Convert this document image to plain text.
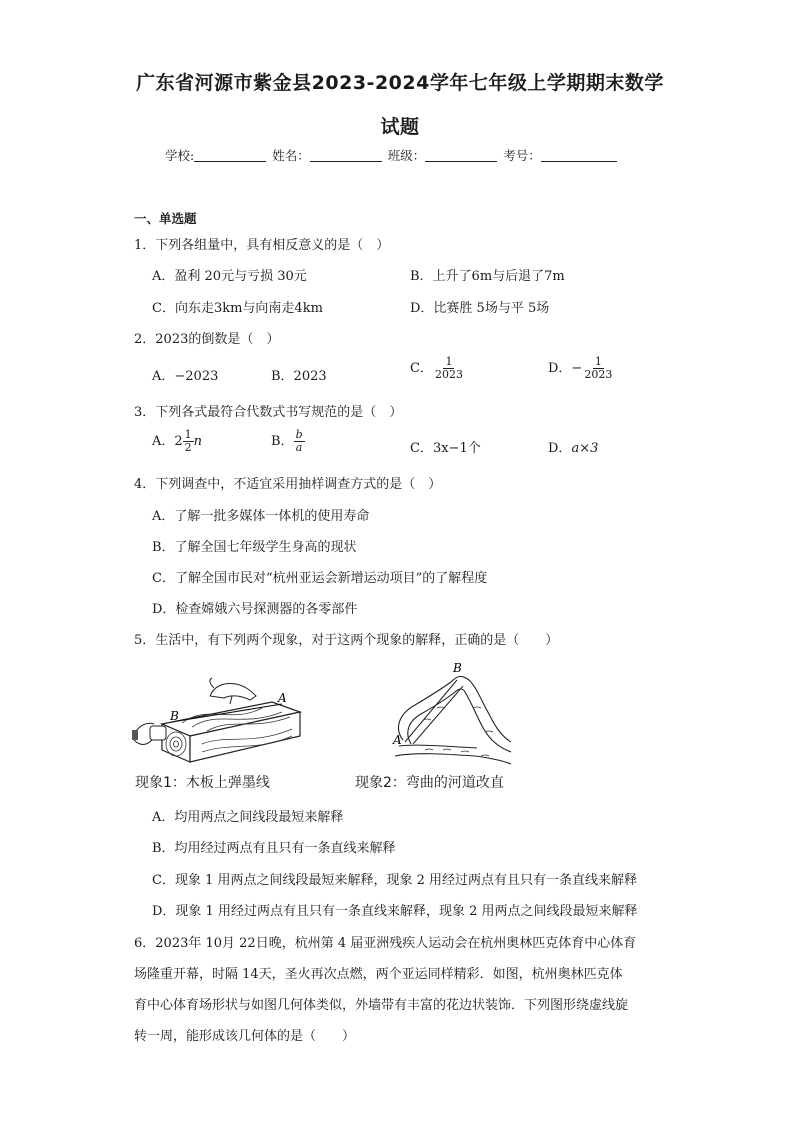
广东省河源市紫金县2023-2024学年七年级上学期期末数学
试题
学校:	姓名：	班级：	考号：
一、单选题
1．下列各组量中，具有相反意义的是（　）
A．盈利 20元与亏损 30元	B．上升了6m与后退了7m
C．向东走3km与向南走4km	D．比赛胜 5场与平 5场
2．2023的倒数是（　）
A．−2023	B．2023
C． $\frac{1}{2023}$	D．− $\frac{1}{2023}$
3．下列各式最符合代数式书写规范的是（　）
A．$2 \frac{1}{2}$ n	B． $\frac{b}{a}$	C．3x−1个	D．a×3
4．下列调查中，不适宜采用抽样调查方式的是（　）
A．了解一批多媒体一体机的使用寿命
B．了解全国七年级学生身高的现状
C．了解全国市民对“杭州亚运会新增运动项目”的了解程度
D．检查嫦娥六号探测器的各零部件
5．生活中，有下列两个现象，对于这两个现象的解释，正确的是（　　）
B
A
现象1：木板上弹墨线
B
A
现象2：弯曲的河道改直
A．均用两点之间线段最短来解释
B．均用经过两点有且只有一条直线来解释
C．现象 1 用两点之间线段最短来解释，现象 2 用经过两点有且只有一条直线来解释
D．现象 1 用经过两点有且只有一条直线来解释，现象 2 用两点之间线段最短来解释
6．2023年 10月 22日晚，杭州第 4 届亚洲残疾人运动会在杭州奥林匹克体育中心体育
场隆重开幕，时隔 14天，圣火再次点燃，两个亚运同样精彩．如图，杭州奥林匹克体
育中心体育场形状与如图几何体类似，外墙带有丰富的花边状装饰．下列图形绕虚线旋
转一周，能形成该几何体的是（　　）
